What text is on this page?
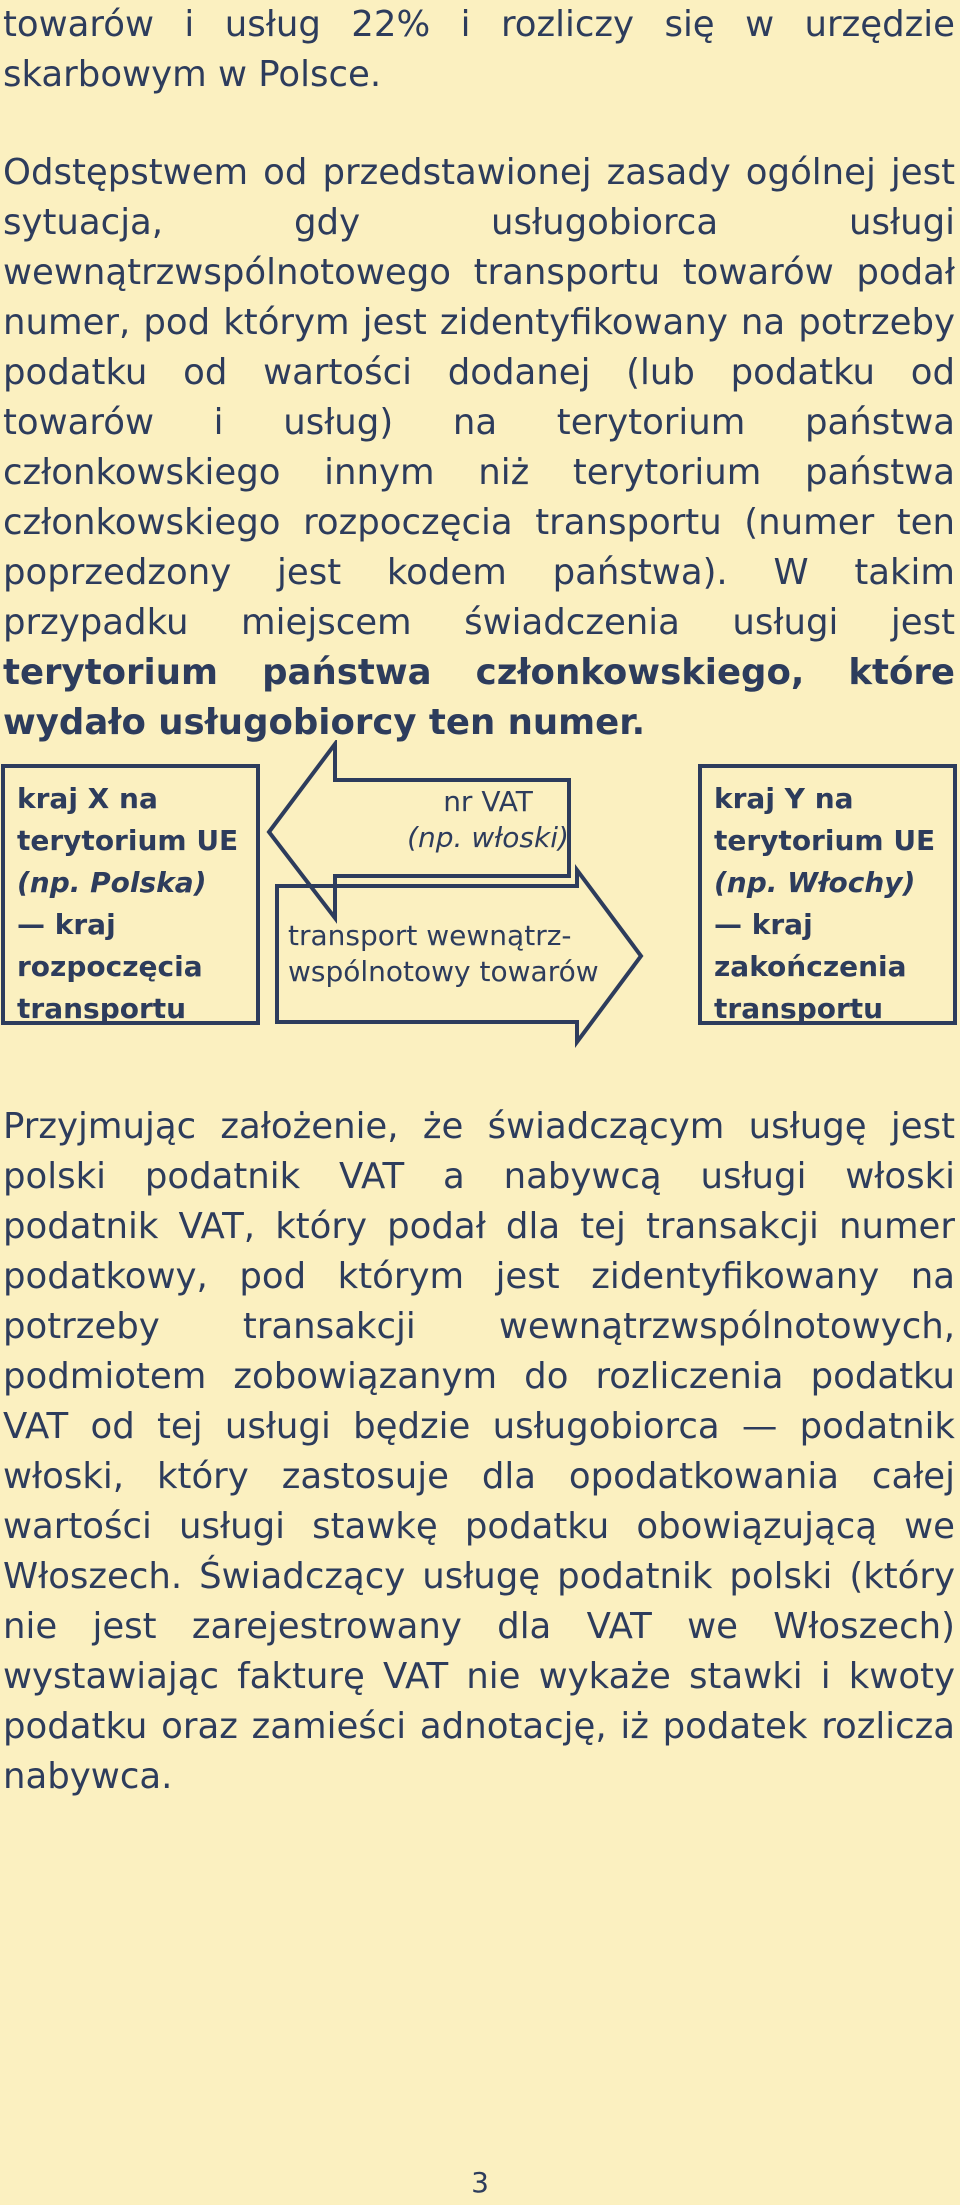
towarów i usług 22% i rozliczy się w urzędzie skarbowym w Polsce.

Odstępstwem od przedstawionej zasady ogólnej jest sytuacja, gdy usługobiorca usługi wewnątrzwspólnotowego transportu towarów podał numer, pod którym jest zidentyfikowany na potrzeby podatku od wartości dodanej (lub podatku od towarów i usług) na terytorium państwa członkowskiego innym niż terytorium państwa członkowskiego rozpoczęcia transportu (numer ten poprzedzony jest kodem państwa). W takim przypadku miejscem świadczenia usługi jest terytorium państwa członkowskiego, które wydało usługobiorcy ten numer.

kraj X na
terytorium UE
(np. Polska)
— kraj
rozpoczęcia
transportu
nr VAT
(np. włoski)
transport wewnątrz-
wspólnotowy towarów
kraj Y na
terytorium UE
(np. Włochy)
— kraj
zakończenia
transportu

Przyjmując założenie, że świadczącym usługę jest polski podatnik VAT a nabywcą usługi włoski podatnik VAT, który podał dla tej transakcji numer podatkowy, pod którym jest zidentyfikowany na potrzeby transakcji wewnątrzwspólnotowych, podmiotem zobowiązanym do rozliczenia podatku VAT od tej usługi będzie usługobiorca — podatnik włoski, który zastosuje dla opodatkowania całej wartości usługi stawkę podatku obowiązującą we Włoszech. Świadczący usługę podatnik polski (który nie jest zarejestrowany dla VAT we Włoszech) wystawiając fakturę VAT nie wykaże stawki i kwoty podatku oraz zamieści adnotację, iż podatek rozlicza nabywca.

3
